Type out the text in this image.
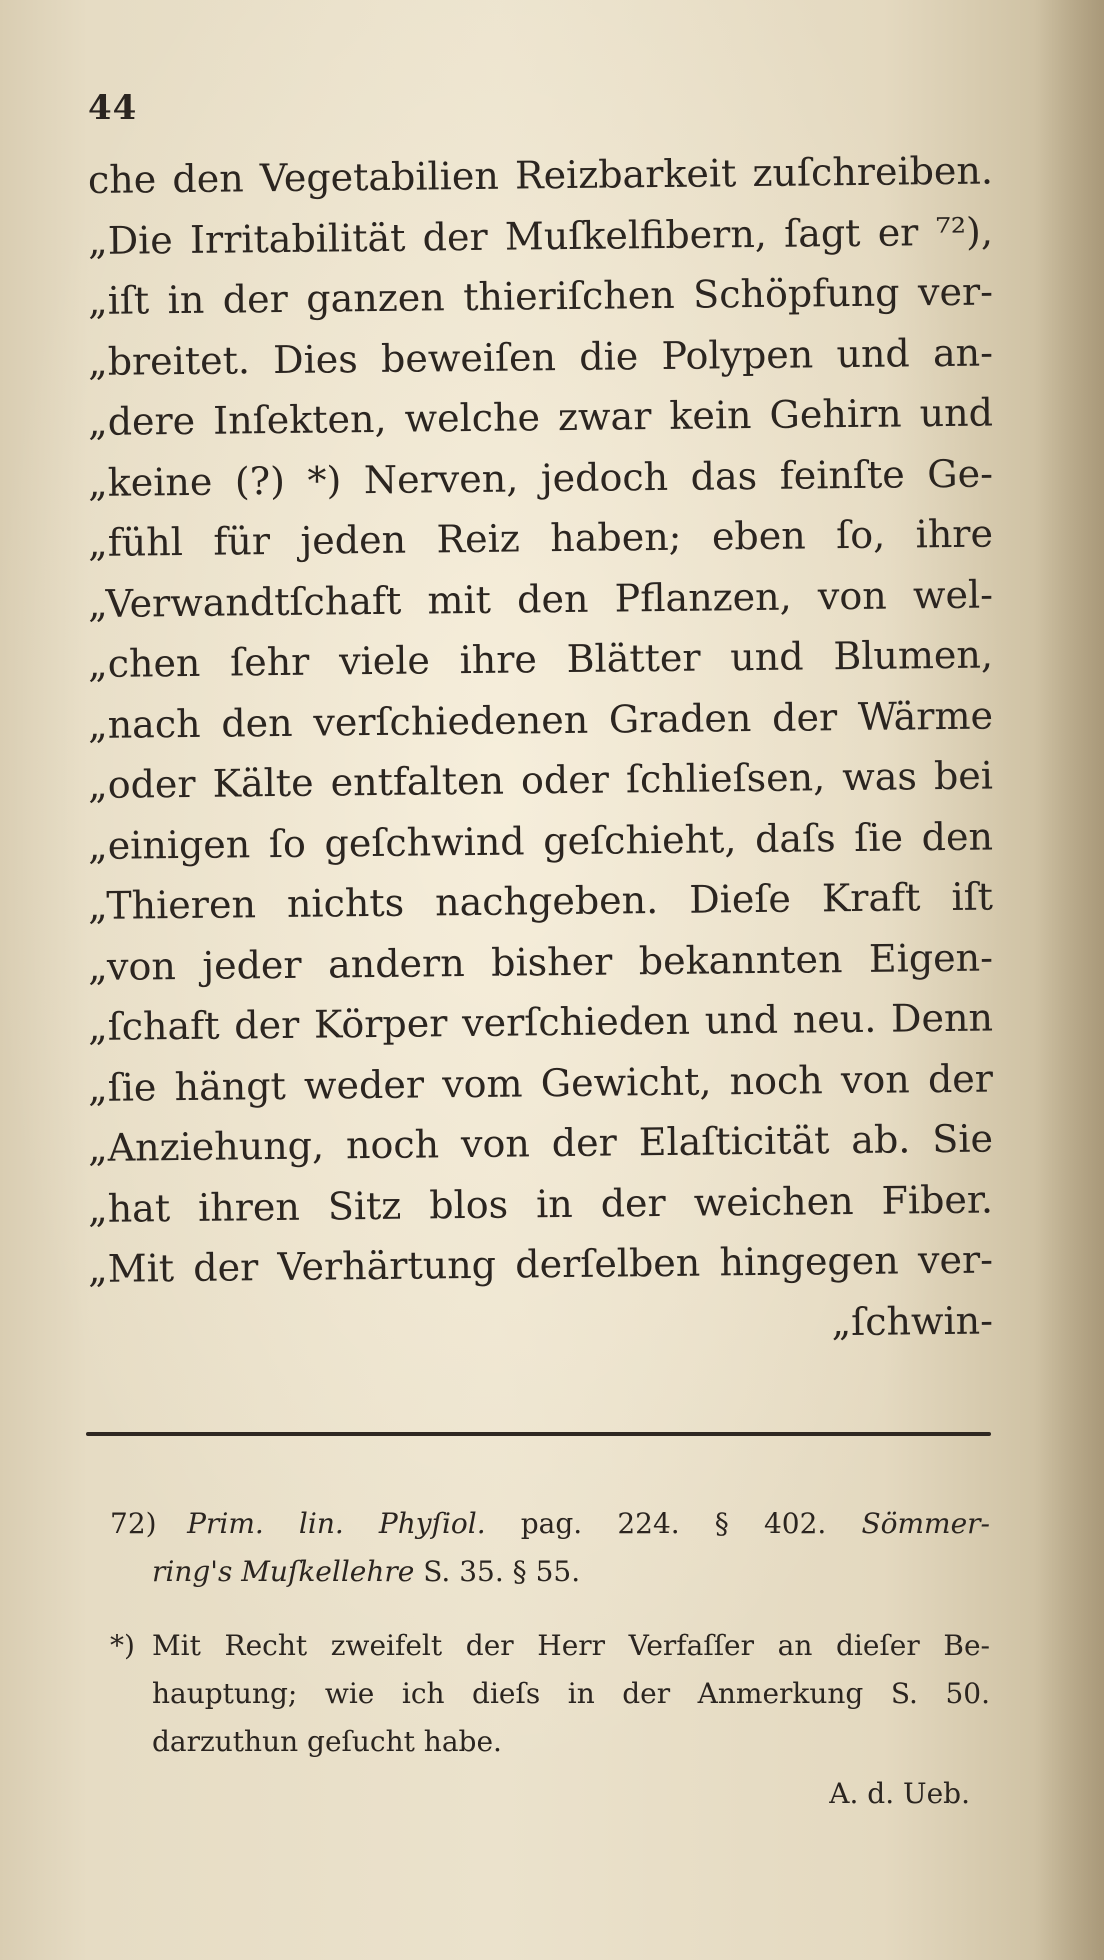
44
che den Vegetabilien Reizbarkeit zuſchreiben.
„Die Irritabilität der Muſkelfibern, ſagt er ⁷²),
„iſt in der ganzen thieriſchen Schöpfung ver-
„breitet. Dies beweiſen die Polypen und an-
„dere Inſekten, welche zwar kein Gehirn und
„keine (?) *) Nerven, jedoch das feinſte Ge-
„fühl für jeden Reiz haben; eben ſo, ihre
„Verwandtſchaft mit den Pflanzen, von wel-
„chen ſehr viele ihre Blätter und Blumen,
„nach den verſchiedenen Graden der Wärme
„oder Kälte entfalten oder ſchlieſsen, was bei
„einigen ſo geſchwind geſchieht, daſs ſie den
„Thieren nichts nachgeben. Dieſe Kraft iſt
„von jeder andern bisher bekannten Eigen-
„ſchaft der Körper verſchieden und neu. Denn
„ſie hängt weder vom Gewicht, noch von der
„Anziehung, noch von der Elaſticität ab. Sie
„hat ihren Sitz blos in der weichen Fiber.
„Mit der Verhärtung derſelben hingegen ver-
„ſchwin-
72) Prim. lin. Phyſiol. pag. 224. § 402. Sömmer-
ring's Muſkellehre S. 35. § 55.
*) Mit Recht zweifelt der Herr Verfaſſer an dieſer Be-
hauptung; wie ich dieſs in der Anmerkung S. 50.
darzuthun geſucht habe.
A. d. Ueb.
